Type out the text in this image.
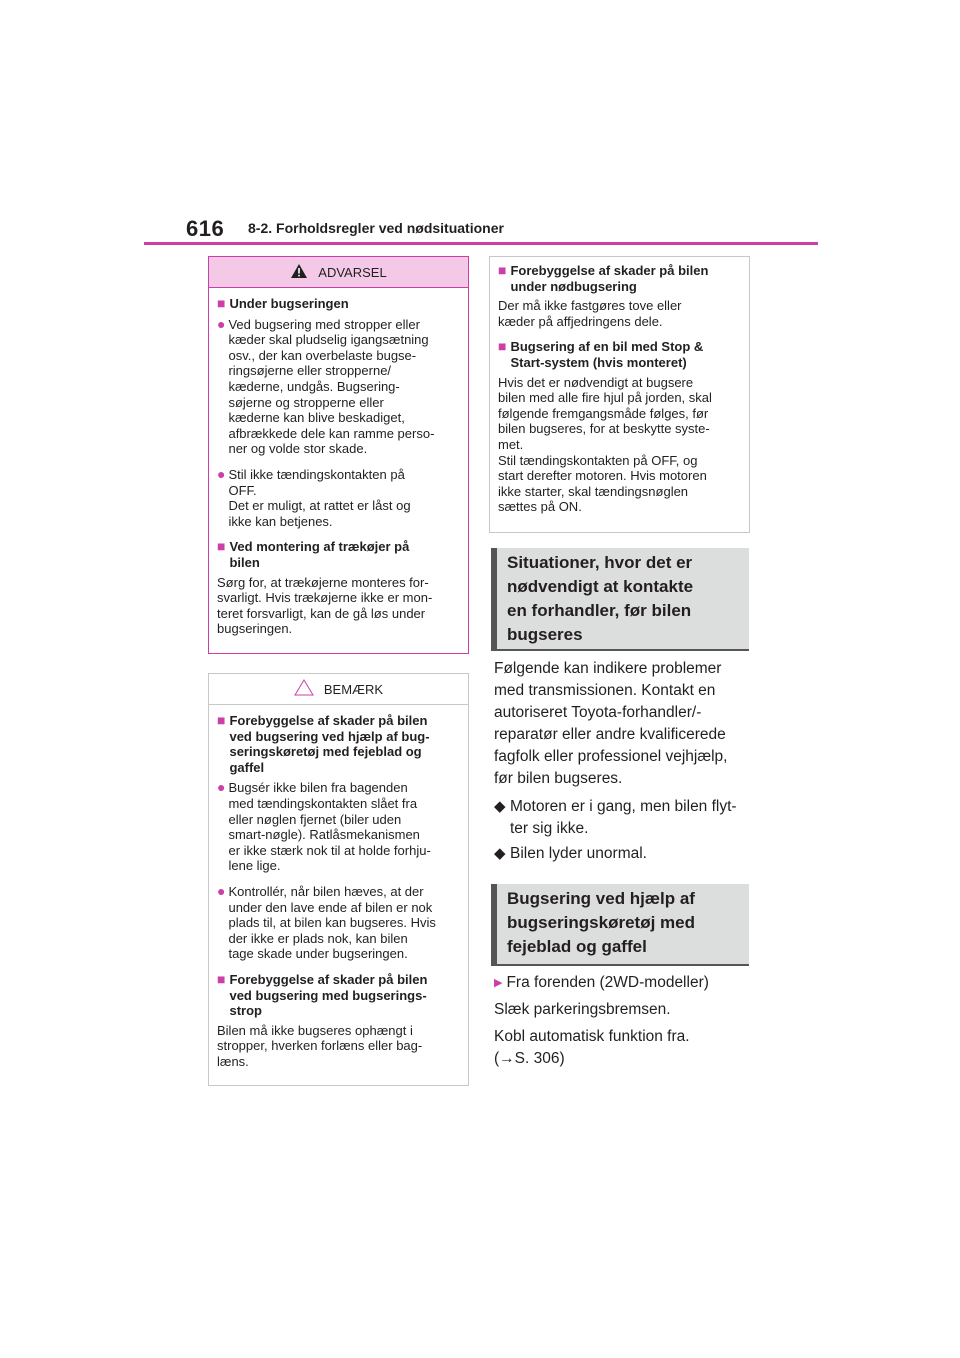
616 8-2. Forholdsregler ved nødsituationer
ADVARSEL
■ Under bugseringen
● Ved bugsering med stropper eller
kæder skal pludselig igangsætning
osv., der kan overbelaste bugse-
ringsøjerne eller stropperne/
kæderne, undgås. Bugsering-
søjerne og stropperne eller
kæderne kan blive beskadiget,
afbrækkede dele kan ramme perso-
ner og volde stor skade.
● Stil ikke tændingskontakten på
OFF.
Det er muligt, at rattet er låst og
ikke kan betjenes.
■ Ved montering af trækøjer på
bilen
Sørg for, at trækøjerne monteres for-
svarligt. Hvis trækøjerne ikke er mon-
teret forsvarligt, kan de gå løs under
bugseringen.
BEMÆRK
■ Forebyggelse af skader på bilen
ved bugsering ved hjælp af bug-
seringskøretøj med fejeblad og
gaffel
● Bugsér ikke bilen fra bagenden
med tændingskontakten slået fra
eller nøglen fjernet (biler uden
smart-nøgle). Ratlåsmekanismen
er ikke stærk nok til at holde forhju-
lene lige.
● Kontrollér, når bilen hæves, at der
under den lave ende af bilen er nok
plads til, at bilen kan bugseres. Hvis
der ikke er plads nok, kan bilen
tage skade under bugseringen.
■ Forebyggelse af skader på bilen
ved bugsering med bugserings-
strop
Bilen må ikke bugseres ophængt i
stropper, hverken forlæns eller bag-
læns.
■ Forebyggelse af skader på bilen
under nødbugsering
Der må ikke fastgøres tove eller
kæder på affjedringens dele.
■ Bugsering af en bil med Stop &
Start-system (hvis monteret)
Hvis det er nødvendigt at bugsere
bilen med alle fire hjul på jorden, skal
følgende fremgangsmåde følges, før
bilen bugseres, for at beskytte syste-
met.
Stil tændingskontakten på OFF, og
start derefter motoren. Hvis motoren
ikke starter, skal tændingsnøglen
sættes på ON.
Situationer, hvor det er
nødvendigt at kontakte
en forhandler, før bilen
bugseres
Følgende kan indikere problemer
med transmissionen. Kontakt en
autoriseret Toyota-forhandler/-
reparatør eller andre kvalificerede
fagfolk eller professionel vejhjælp,
før bilen bugseres.
◆ Motoren er i gang, men bilen flyt-
ter sig ikke.
◆ Bilen lyder unormal.
Bugsering ved hjælp af
bugseringskøretøj med
fejeblad og gaffel
▶ Fra forenden (2WD-modeller)
Slæk parkeringsbremsen.
Kobl automatisk funktion fra.
(→S. 306)
